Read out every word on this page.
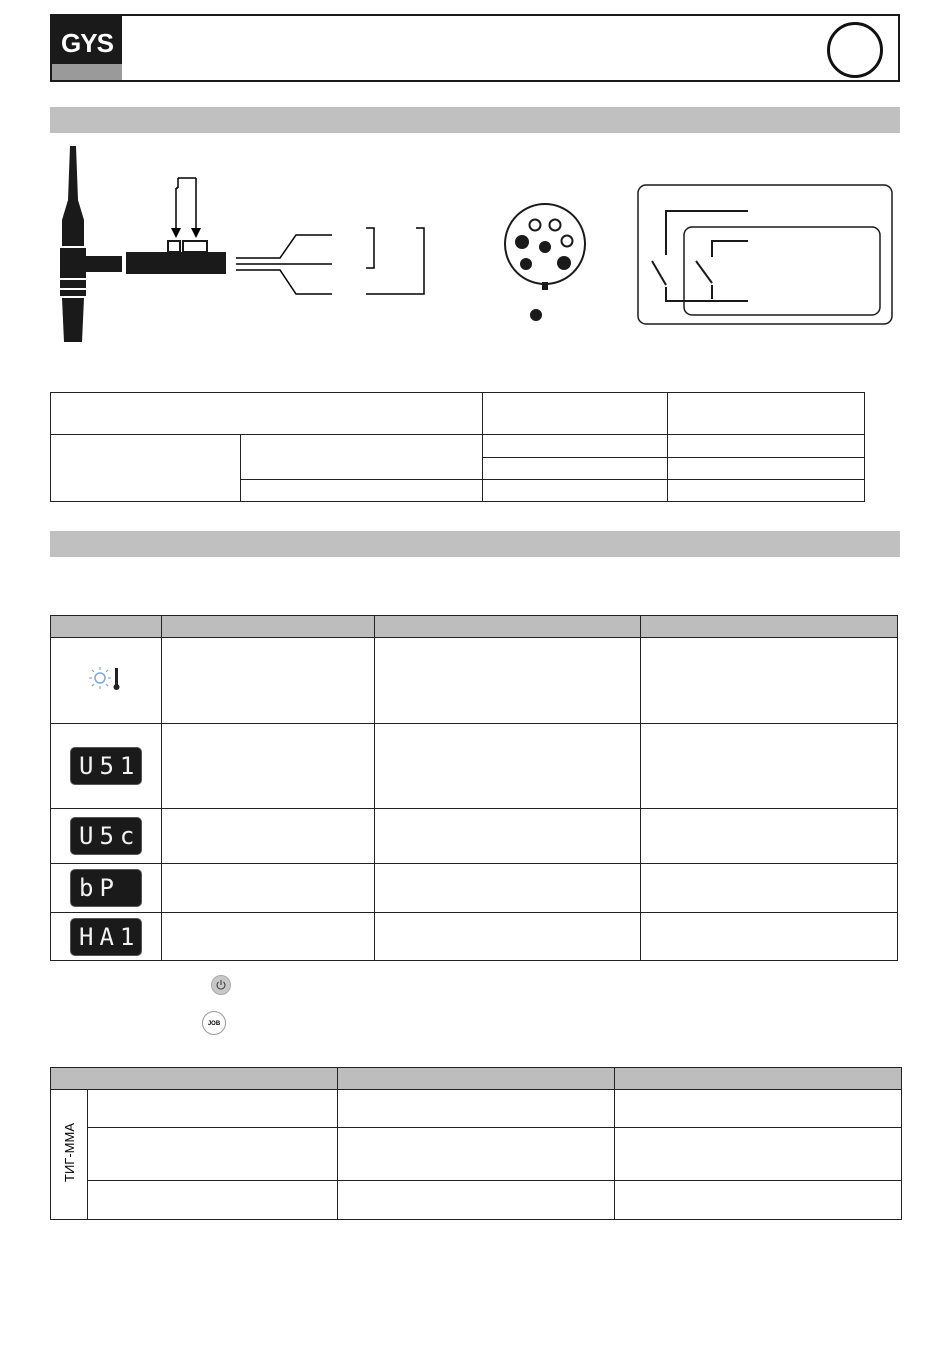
GYS

U51			
U5c			
bP			
HA1			
JOB

ТИГ-ММА			
